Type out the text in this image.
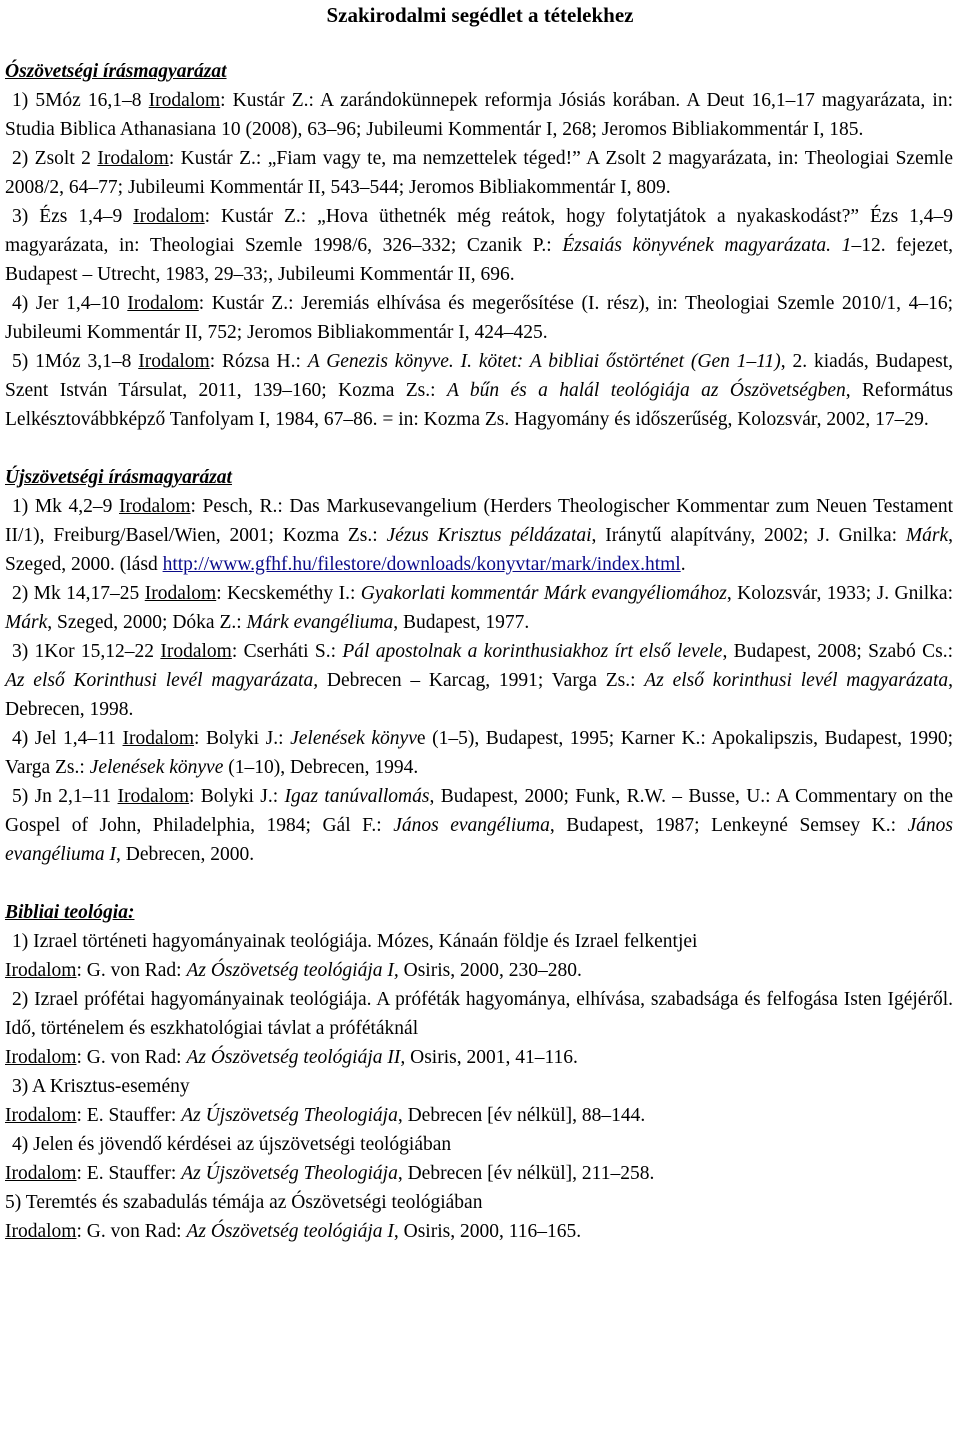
Szakirodalmi segédlet a tételekhez

Ószövetségi írásmagyarázat

1) 5Móz 16,1–8 Irodalom: Kustár Z.: A zarándokünnepek reformja Jósiás korában. A Deut 16,1–17 magyarázata, in: Studia Biblica Athanasiana 10 (2008), 63–96; Jubileumi Kommentár I, 268; Jeromos Bibliakommentár I, 185.

2) Zsolt 2 Irodalom: Kustár Z.: „Fiam vagy te, ma nemzettelek téged!” A Zsolt 2 magyarázata, in: Theologiai Szemle 2008/2, 64–77; Jubileumi Kommentár II, 543–544; Jeromos Bibliakommentár I, 809.

3) Ézs 1,4–9 Irodalom: Kustár Z.: „Hova üthetnék még reátok, hogy folytatjátok a nyakaskodást?” Ézs 1,4–9 magyarázata, in: Theologiai Szemle 1998/6, 326–332; Czanik P.: Ézsaiás könyvének magyarázata. 1–12. fejezet, Budapest – Utrecht, 1983, 29–33;, Jubileumi Kommentár II, 696.

4) Jer 1,4–10 Irodalom: Kustár Z.: Jeremiás elhívása és megerősítése (I. rész), in: Theologiai Szemle 2010/1, 4–16; Jubileumi Kommentár II, 752; Jeromos Bibliakommentár I, 424–425.

5) 1Móz 3,1–8 Irodalom: Rózsa H.: A Genezis könyve. I. kötet: A bibliai őstörténet (Gen 1–11), 2. kiadás, Budapest, Szent István Társulat, 2011, 139–160; Kozma Zs.: A bűn és a halál teológiája az Ószövetségben, Református Lelkésztovábbképző Tanfolyam I, 1984, 67–86. = in: Kozma Zs. Hagyomány és időszerűség, Kolozsvár, 2002, 17–29.

Újszövetségi írásmagyarázat

1) Mk 4,2–9 Irodalom: Pesch, R.: Das Markusevangelium (Herders Theologischer Kommentar zum Neuen Testament II/1), Freiburg/Basel/Wien, 2001; Kozma Zs.: Jézus Krisztus példázatai, Iránytű alapítvány, 2002; J. Gnilka: Márk, Szeged, 2000. (lásd http://www.gfhf.hu/filestore/downloads/konyvtar/mark/index.html.

2) Mk 14,17–25 Irodalom: Kecskeméthy I.: Gyakorlati kommentár Márk evangyéliomához, Kolozsvár, 1933; J. Gnilka: Márk, Szeged, 2000; Dóka Z.: Márk evangéliuma, Budapest, 1977.

3) 1Kor 15,12–22 Irodalom: Cserháti S.: Pál apostolnak a korinthusiakhoz írt első levele, Budapest, 2008; Szabó Cs.: Az első Korinthusi levél magyarázata, Debrecen – Karcag, 1991; Varga Zs.: Az első korinthusi levél magyarázata, Debrecen, 1998.

4) Jel 1,4–11 Irodalom: Bolyki J.: Jelenések könyve (1–5), Budapest, 1995; Karner K.: Apokalipszis, Budapest, 1990; Varga Zs.: Jelenések könyve (1–10), Debrecen, 1994.

5) Jn 2,1–11 Irodalom: Bolyki J.: Igaz tanúvallomás, Budapest, 2000; Funk, R.W. – Busse, U.: A Commentary on the Gospel of John, Philadelphia, 1984; Gál F.: János evangéliuma, Budapest, 1987; Lenkeyné Semsey K.: János evangéliuma I, Debrecen, 2000.

Bibliai teológia:

1) Izrael történeti hagyományainak teológiája. Mózes, Kánaán földje és Izrael felkentjei

Irodalom: G. von Rad: Az Ószövetség teológiája I, Osiris, 2000, 230–280.

2) Izrael prófétai hagyományainak teológiája. A próféták hagyománya, elhívása, szabadsága és felfogása Isten Igéjéről. Idő, történelem és eszkhatológiai távlat a prófétáknál

Irodalom: G. von Rad: Az Ószövetség teológiája II, Osiris, 2001, 41–116.

3) A Krisztus-esemény

Irodalom: E. Stauffer: Az Újszövetség Theologiája, Debrecen [év nélkül], 88–144.

4) Jelen és jövendő kérdései az újszövetségi teológiában

Irodalom: E. Stauffer: Az Újszövetség Theologiája, Debrecen [év nélkül], 211–258.

5) Teremtés és szabadulás témája az Ószövetségi teológiában

Irodalom: G. von Rad: Az Ószövetség teológiája I, Osiris, 2000, 116–165.
